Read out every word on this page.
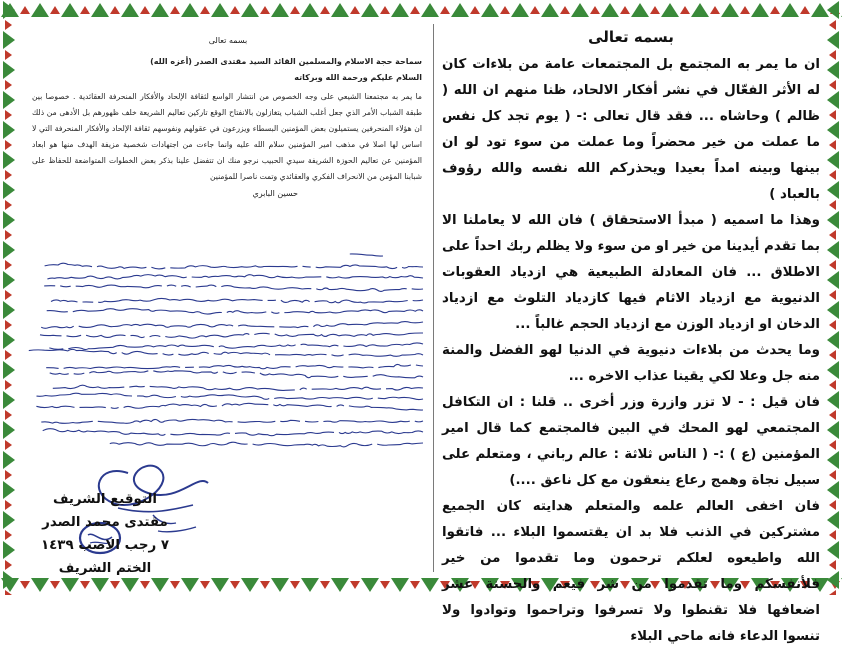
بسمه تعالى

ان ما يمر به المجتمع بل المجتمعات عامة من بلاءات كان له الأثر الفعّال في نشر أفكار الالحاد، ظنا منهم ان الله ( ظالم ) وحاشاه ... فقد قال تعالى :- ( يوم تجد كل نفس ما عملت من خير محضراً وما عملت من سوء تود لو ان بينها وبينه امداً بعيدا ويحذركم الله نفسه والله رؤوف بالعباد )

وهذا ما اسميه ( مبدأ الاستحقاق ) فان الله لا يعاملنا الا بما تقدم أيدينا من خير او من سوء ولا يظلم ربك احداً على الاطلاق ... فان المعادلة الطبيعية هي ازدياد العقوبات الدنيوية مع ازدياد الاثام فيها كازدياد التلوث مع ازدياد الدخان او ازدياد الوزن مع ازدياد الحجم غالباً ...

وما يحدث من بلاءات دنيوية في الدنيا لهو الفضل والمنة منه جل وعلا لكي يقينا عذاب الاخره ...

فان قيل : - لا تزر وازرة وزر أخرى .. قلنا : ان التكافل المجتمعي لهو المحك في البين فالمجتمع كما قال امير المؤمنين (ع ) :- ( الناس ثلاثة : عالم رباني ، ومتعلم على سبيل نجاة وهمج رعاع ينعقون مع كل ناعق ....)

فان اخفى العالم علمه والمتعلم هدايته كان الجميع مشتركين في الذنب فلا بد ان يقتسموا البلاء ... فاتقوا الله واطيعوه لعلكم ترحمون وما تقدموا من خير فلأنفسكم وما تقدموا من شر فيعم والحسنة عشر اضعافها فلا تقنطوا ولا تسرفوا وتراحموا وتوادوا ولا تنسوا الدعاء فانه ماحي البلاء

بسمه تعالى
سماحة حجة الاسلام والمسلمين القائد السيد مقتدى الصدر (أعزه الله)
السلام عليكم ورحمة الله وبركاته
ما يمر به مجتمعنا الشيعي على وجه الخصوص من انتشار الواسع لثقافة الإلحاد والأفكار المنحرفة العقائدية . خصوصا بين طبقة الشباب الأمر الذي جعل أغلب الشباب يتغازلون بالانفتاح الوقع تاركين تعاليم الشريعة خلف ظهورهم بل الأدهى من ذلك ان هؤلاء المنحرفين يستميلون بعض المؤمنين البسطاء ويزرعون في عقولهم ونفوسهم ثقافة الإلحاد والأفكار المنحرفة التي لا اساس لها اصلا في مذهب امير المؤمنين سلام الله عليه وانما جاءت من اجتهادات شخصية مزيفة الهدف منها هو ابعاد المؤمنين عن تعاليم الحوزة الشريفة سيدي الحبيب نرجو منك ان تتفضل علينا بذكر بعض الخطوات المتواضعة للحفاظ على شبابنا المؤمن من الانحراف الفكري والعقائدي وتمت ناصرا للمؤمنين
حسين البابري
التوقيع الشريف
مقتدى محمد الصدر
٧ رجب الاصب ١٤٣٩
الختم الشريف
